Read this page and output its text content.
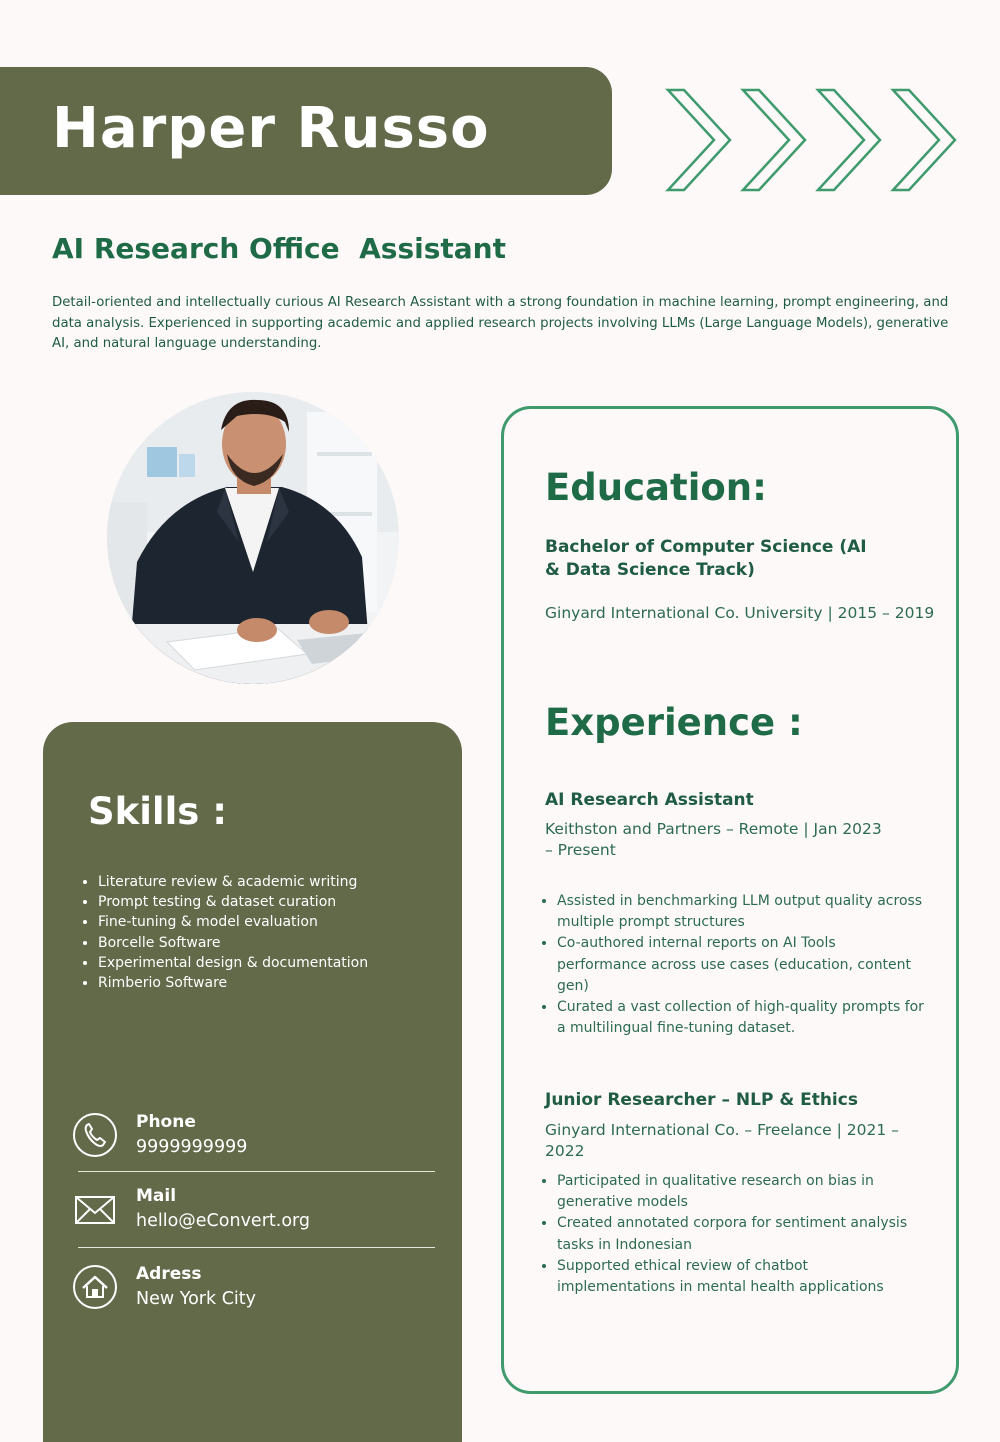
Harper Russo
AI Research Office  Assistant

Detail-oriented and intellectually curious AI Research Assistant with a strong foundation in machine learning, prompt engineering, and data analysis. Experienced in supporting academic and applied research projects involving LLMs (Large Language Models), generative AI, and natural language understanding.

Skills :
• Literature review & academic writing
• Prompt testing & dataset curation
• Fine-tuning & model evaluation
• Borcelle Software
• Experimental design & documentation
• Rimberio Software
Phone
9999999999
Mail
hello@eConvert.org
Adress
New York City
Education:

Bachelor of Computer Science (AI & Data Science Track)

Ginyard International Co. University | 2015 – 2019

Experience :

AI Research Assistant

Keithston and Partners – Remote | Jan 2023 – Present

• Assisted in benchmarking LLM output quality across multiple prompt structures
• Co-authored internal reports on AI Tools performance across use cases (education, content gen)
• Curated a vast collection of high-quality prompts for a multilingual fine-tuning dataset.

Junior Researcher – NLP & Ethics

Ginyard International Co. – Freelance | 2021 – 2022

• Participated in qualitative research on bias in generative models
• Created annotated corpora for sentiment analysis tasks in Indonesian
• Supported ethical review of chatbot implementations in mental health applications
